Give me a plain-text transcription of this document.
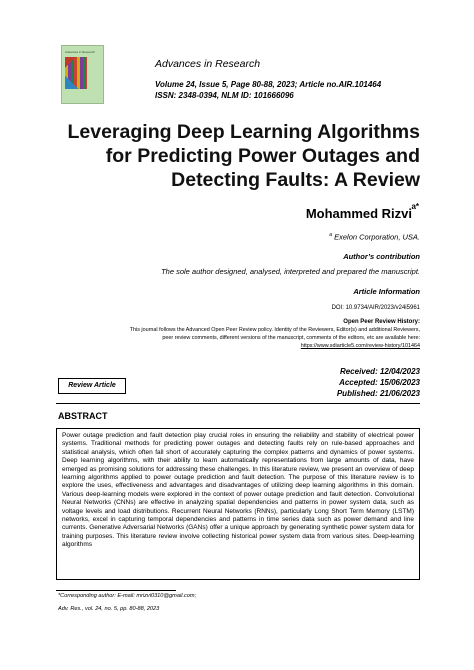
Advances in Research
Advances in Research
Volume 24, Issue 5, Page 80-88, 2023; Article no.AIR.101464
ISSN: 2348-0394, NLM ID: 101666096
Leveraging Deep Learning Algorithms
for Predicting Power Outages and
Detecting Faults: A Review
Mohammed Rizvi a*
$^a$ Exelon Corporation, USA.
Author’s contribution
The sole author designed, analysed, interpreted and prepared the manuscript.
Article Information
DOI: 10.9734/AIR/2023/v24i5961
Open Peer Review History:
This journal follows the Advanced Open Peer Review policy. Identity of the Reviewers, Editor(s) and additional Reviewers,
peer review comments, different versions of the manuscript, comments of the editors, etc are available here:
https://www.sdiarticle5.com/review-history/101464
Review Article
Received: 12/04/2023
Accepted: 15/06/2023
Published: 21/06/2023
ABSTRACT
Power outage prediction and fault detection play crucial roles in ensuring the reliability and stability of electrical power systems. Traditional methods for predicting power outages and detecting faults rely on rule-based approaches and statistical analysis, which often fall short of accurately capturing the complex patterns and dynamics of power systems. Deep learning algorithms, with their ability to learn automatically representations from large amounts of data, have emerged as promising solutions for addressing these challenges. In this literature review, we present an overview of deep learning algorithms applied to power outage prediction and fault detection. The purpose of this literature review is to explore the uses, effectiveness and advantages and disadvantages of utilizing deep learning algorithms in this domain. Various deep-learning models were explored in the context of power outage prediction and fault detection. Convolutional Neural Networks (CNNs) are effective in analyzing spatial dependencies and patterns in power system data, such as voltage levels and load distributions. Recurrent Neural Networks (RNNs), particularly Long Short Term Memory (LSTM) networks, excel in capturing temporal dependencies and patterns in time series data such as power demand and line currents. Generative Adversarial Networks (GANs) offer a unique approach by generating synthetic power system data for training purposes. This literature review involve collecting historical power system data from various sites. Deep-learning algorithms
*Corresponding author: E-mail: mrizvi0310@gmail.com;
Adv. Res., vol. 24, no. 5, pp. 80-88, 2023
